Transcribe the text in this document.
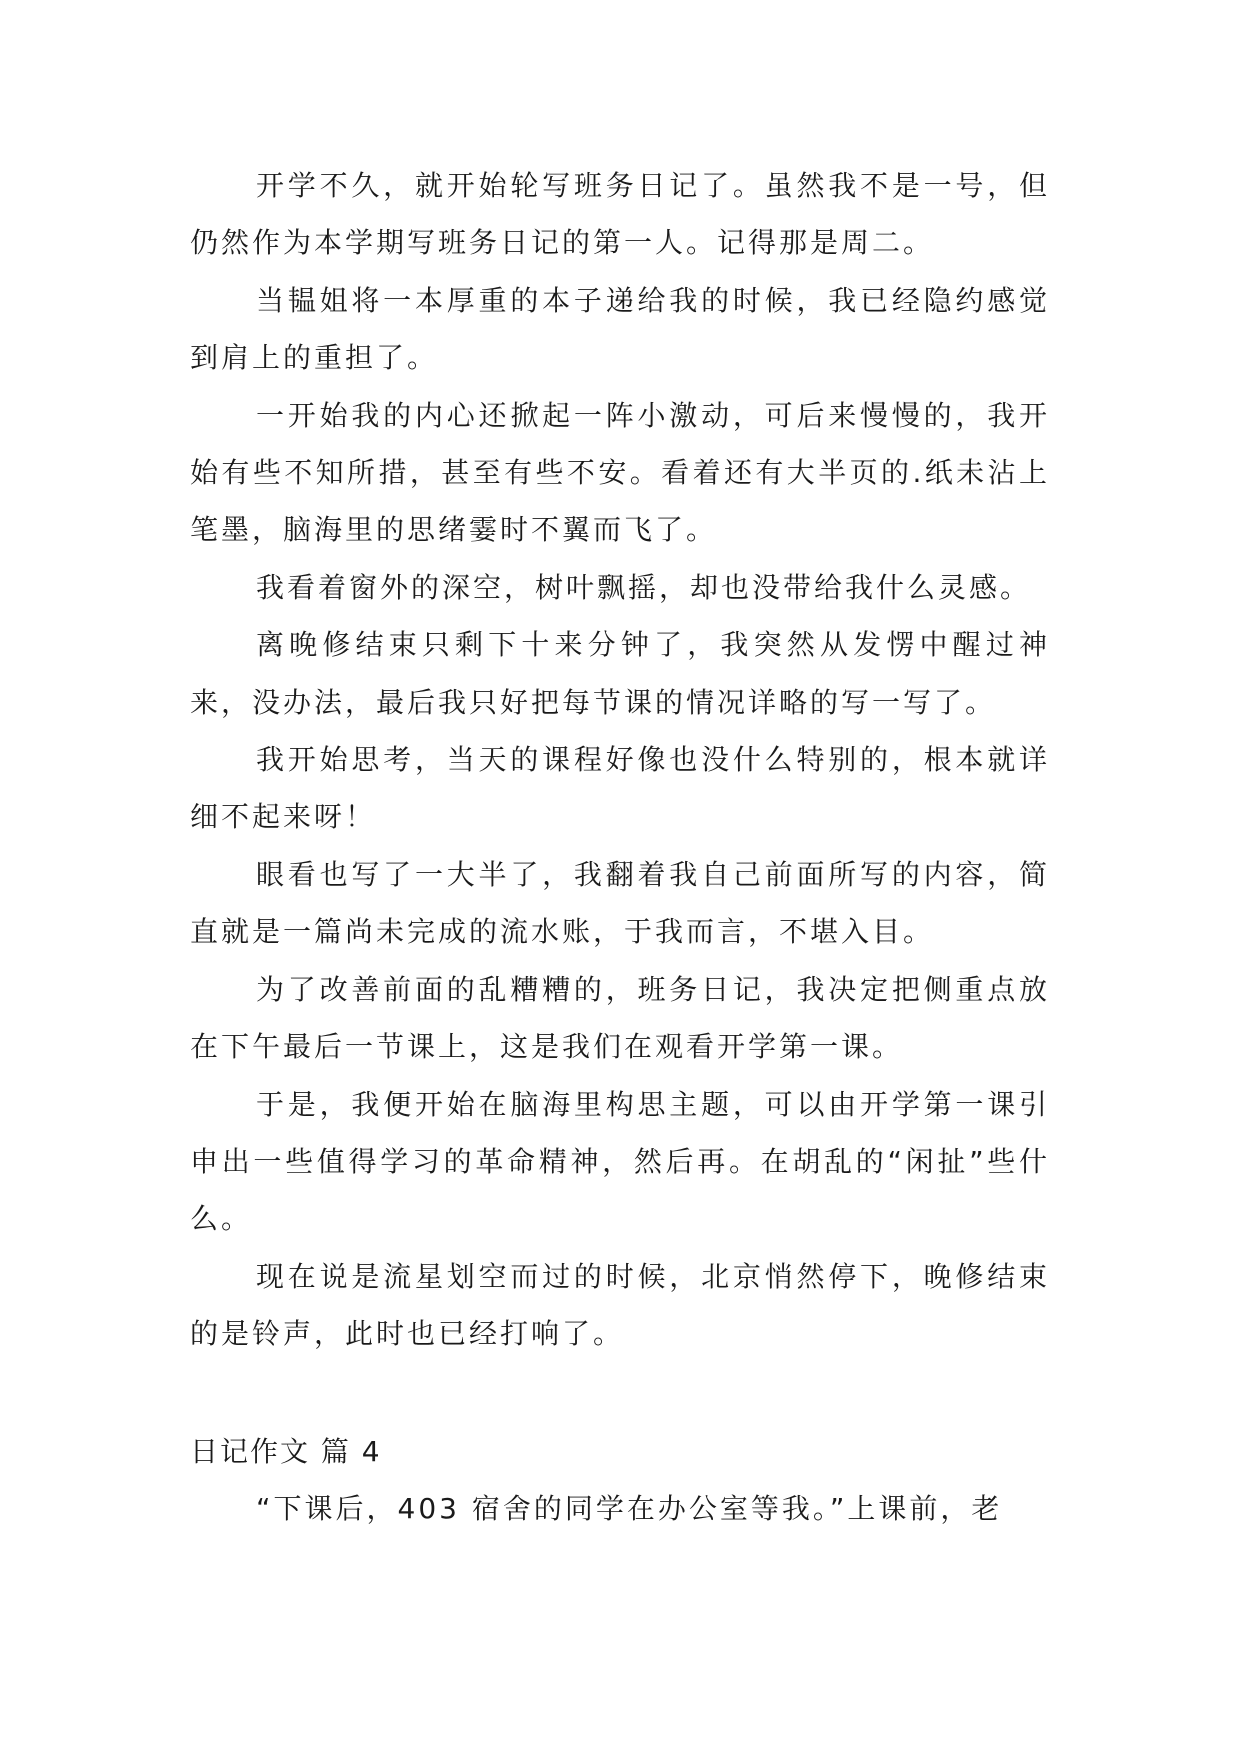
开学不久，就开始轮写班务日记了。虽然我不是一号，但仍然作为本学期写班务日记的第一人。记得那是周二。

当韫姐将一本厚重的本子递给我的时候，我已经隐约感觉到肩上的重担了。

一开始我的内心还掀起一阵小激动，可后来慢慢的，我开始有些不知所措，甚至有些不安。看着还有大半页的.纸未沾上笔墨，脑海里的思绪霎时不翼而飞了。

我看着窗外的深空，树叶飘摇，却也没带给我什么灵感。

离晚修结束只剩下十来分钟了，我突然从发愣中醒过神来，没办法，最后我只好把每节课的情况详略的写一写了。

我开始思考，当天的课程好像也没什么特别的，根本就详细不起来呀！

眼看也写了一大半了，我翻着我自己前面所写的内容，简直就是一篇尚未完成的流水账，于我而言，不堪入目。

为了改善前面的乱糟糟的，班务日记，我决定把侧重点放在下午最后一节课上，这是我们在观看开学第一课。

于是，我便开始在脑海里构思主题，可以由开学第一课引申出一些值得学习的革命精神，然后再。在胡乱的“闲扯”些什么。

现在说是流星划空而过的时候，北京悄然停下，晚修结束的是铃声，此时也已经打响了。

日记作文 篇 4

“下课后，403 宿舍的同学在办公室等我。”上课前，老
